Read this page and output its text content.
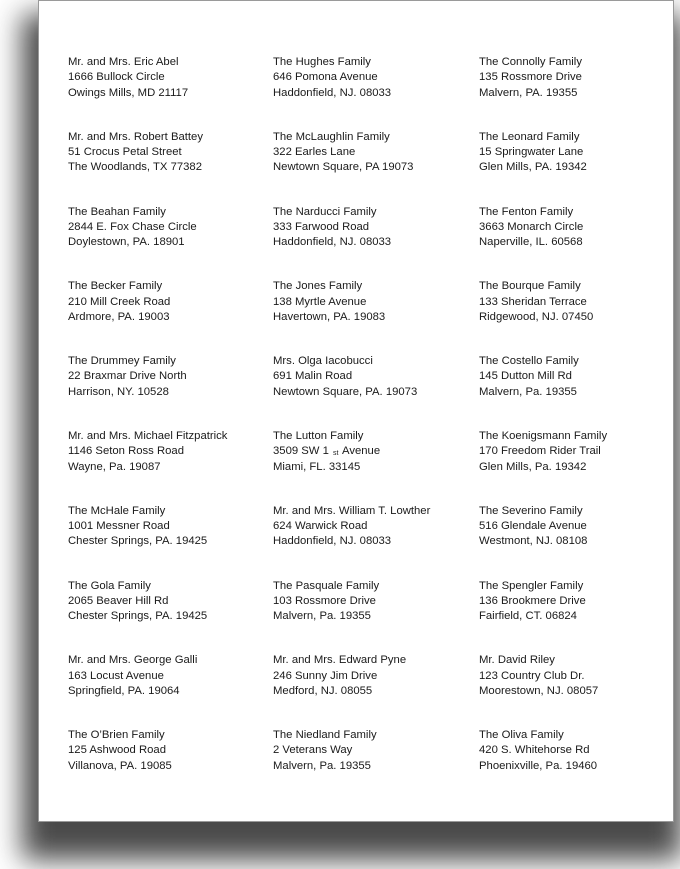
Mr. and Mrs. Eric Abel
1666 Bullock Circle
Owings Mills, MD 21117
The Hughes Family
646 Pomona Avenue
Haddonfield, NJ. 08033
The Connolly Family
135 Rossmore Drive
Malvern, PA. 19355
Mr. and Mrs. Robert Battey
51 Crocus Petal Street
The Woodlands, TX 77382
The McLaughlin Family
322 Earles Lane
Newtown Square, PA 19073
The Leonard Family
15 Springwater Lane
Glen Mills, PA. 19342
The Beahan Family
2844 E. Fox Chase Circle
Doylestown, PA. 18901
The Narducci Family
333 Farwood Road
Haddonfield, NJ. 08033
The Fenton Family
3663 Monarch Circle
Naperville, IL. 60568
The Becker Family
210 Mill Creek Road
Ardmore, PA. 19003
The Jones Family
138 Myrtle Avenue
Havertown, PA. 19083
The Bourque Family
133 Sheridan Terrace
Ridgewood, NJ. 07450
The Drummey Family
22 Braxmar Drive North
Harrison, NY. 10528
Mrs. Olga Iacobucci
691 Malin Road
Newtown Square, PA. 19073
The Costello Family
145 Dutton Mill Rd
Malvern, Pa. 19355
Mr. and Mrs. Michael Fitzpatrick
1146 Seton Ross Road
Wayne, Pa. 19087
The Lutton Family
3509 SW 1 $^{st}$ Avenue
Miami, FL. 33145
The Koenigsmann Family
170 Freedom Rider Trail
Glen Mills, Pa. 19342
The McHale Family
1001 Messner Road
Chester Springs, PA. 19425
Mr. and Mrs. William T. Lowther
624 Warwick Road
Haddonfield, NJ. 08033
The Severino Family
516 Glendale Avenue
Westmont, NJ. 08108
The Gola Family
2065 Beaver Hill Rd
Chester Springs, PA. 19425
The Pasquale Family
103 Rossmore Drive
Malvern, Pa. 19355
The Spengler Family
136 Brookmere Drive
Fairfield, CT. 06824
Mr. and Mrs. George Galli
163 Locust Avenue
Springfield, PA. 19064
Mr. and Mrs. Edward Pyne
246 Sunny Jim Drive
Medford, NJ. 08055
Mr. David Riley
123 Country Club Dr.
Moorestown, NJ. 08057
The O’Brien Family
125 Ashwood Road
Villanova, PA. 19085
The Niedland Family
2 Veterans Way
Malvern, Pa. 19355
The Oliva Family
420 S. Whitehorse Rd
Phoenixville, Pa. 19460
